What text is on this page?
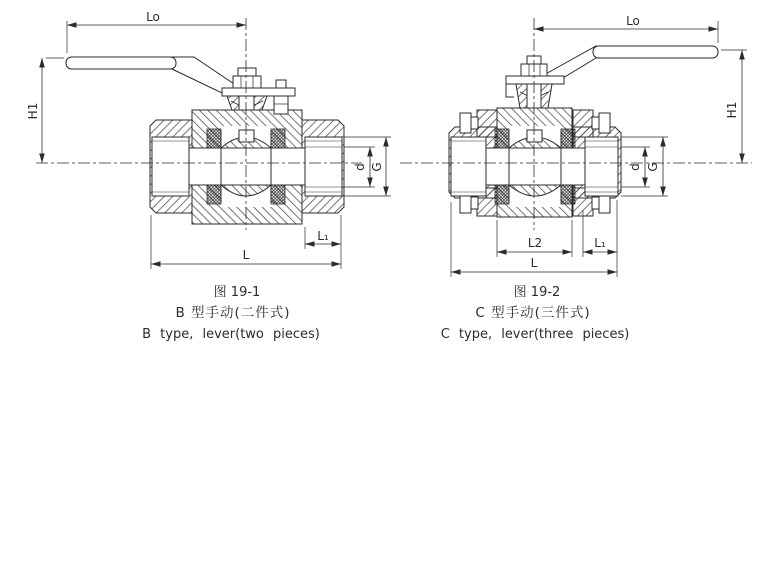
Lo
H1
d G
L₁
L
图 19-1
B 型手动(二件式)
B type, lever(two pieces)
Lo
H1
d G
L2	L₁
L
图 19-2
C 型手动(三件式)
C type, lever(three pieces)
